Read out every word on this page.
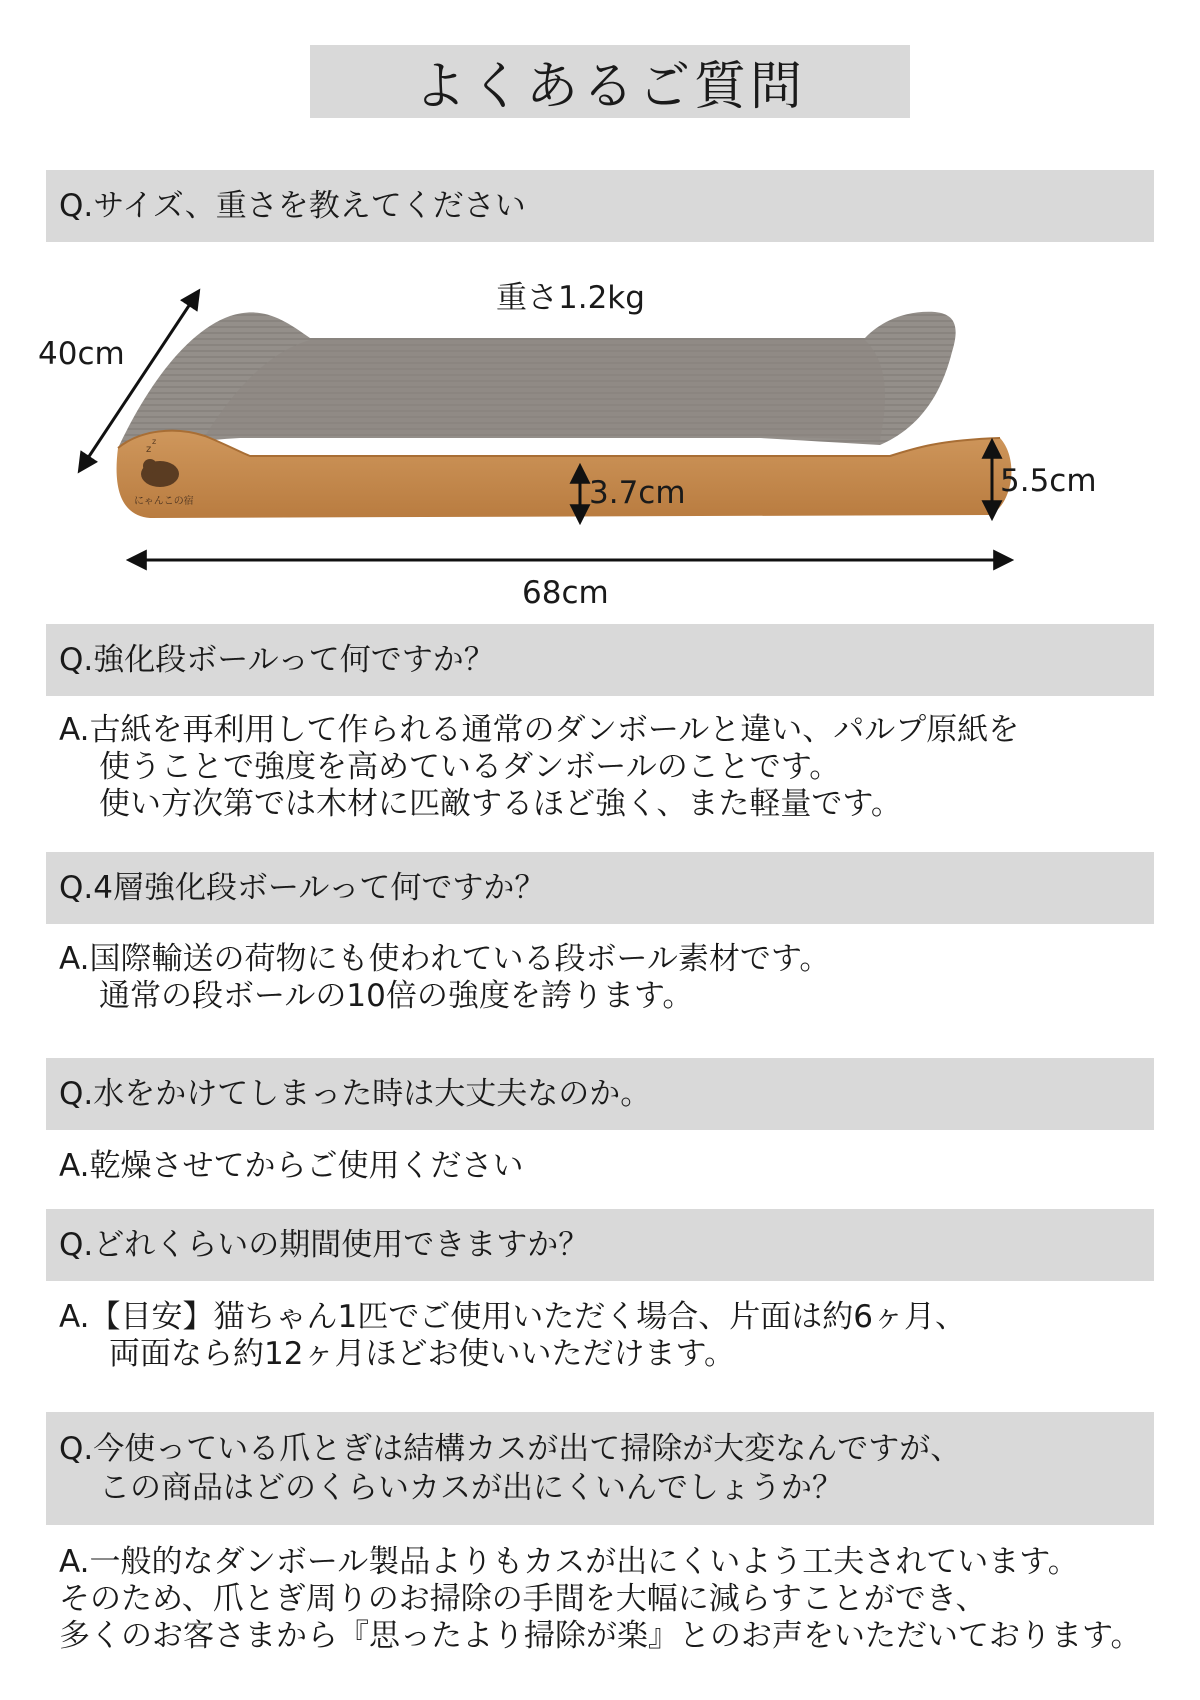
よくあるご質問
Q.サイズ、重さを教えてください
z
z
にゃんこの宿
重さ1.2kg
40cm
3.7cm	5.5cm
68cm
Q.強化段ボールって何ですか？
A.古紙を再利用して作られる通常のダンボールと違い、パルプ原紙を
使うことで強度を高めているダンボールのことです。
使い方次第では木材に匹敵するほど強く、また軽量です。
Q.4層強化段ボールって何ですか？
A.国際輸送の荷物にも使われている段ボール素材です。
通常の段ボールの10倍の強度を誇ります。
Q.水をかけてしまった時は大丈夫なのか。
A.乾燥させてからご使用ください
Q.どれくらいの期間使用できますか？
A.【目安】猫ちゃん1匹でご使用いただく場合、片面は約6ヶ月、
両面なら約12ヶ月ほどお使いいただけます。
Q.今使っている爪とぎは結構カスが出て掃除が大変なんですが、
この商品はどのくらいカスが出にくいんでしょうか？
A.一般的なダンボール製品よりもカスが出にくいよう工夫されています。
そのため、爪とぎ周りのお掃除の手間を大幅に減らすことができ、
多くのお客さまから『思ったより掃除が楽』とのお声をいただいております。
